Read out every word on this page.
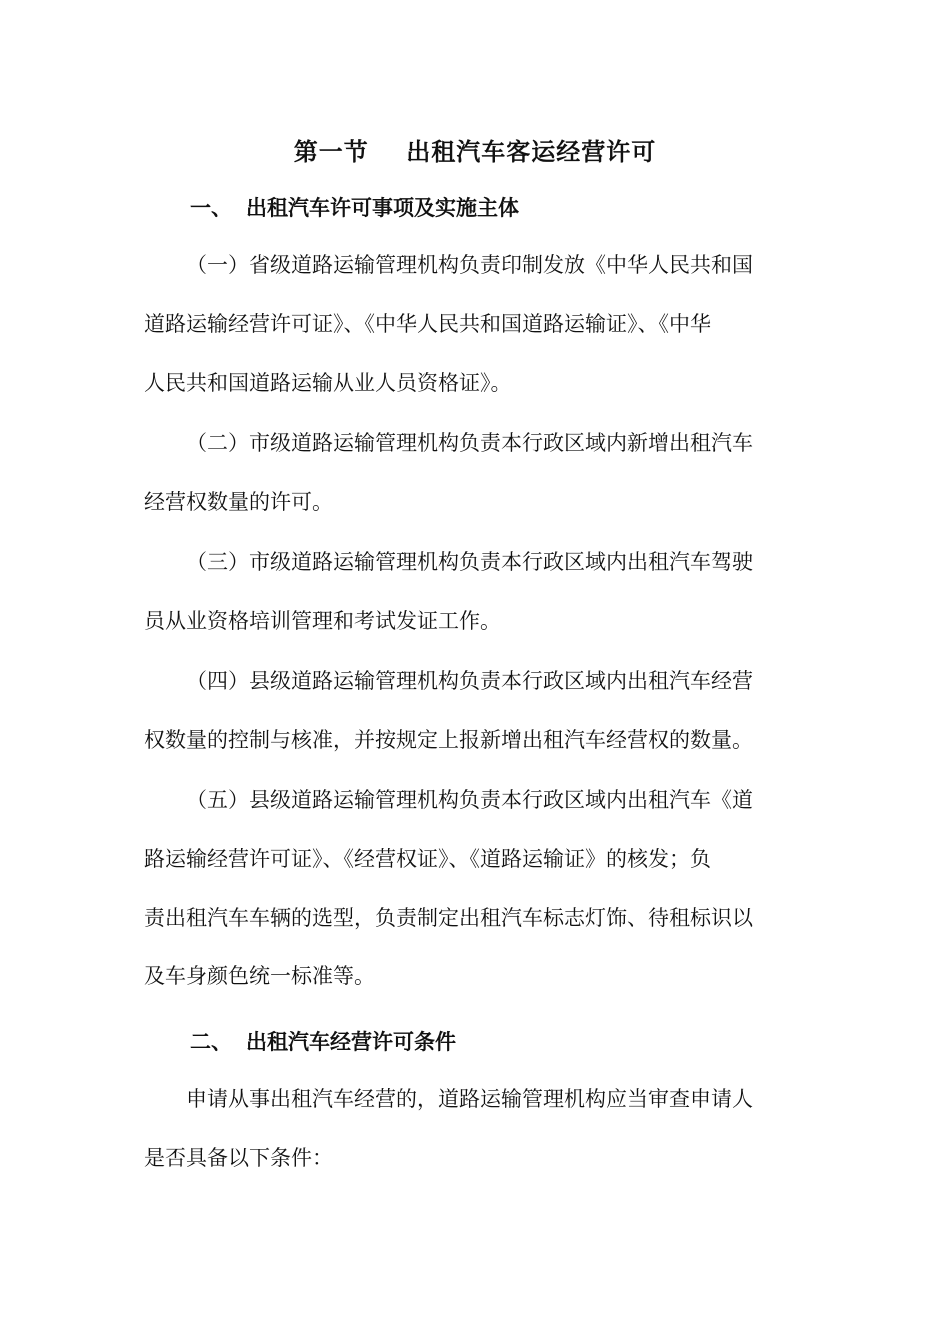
第一节    出租汽车客运经营许可
一、 出租汽车许可事项及实施主体
（一）省级道路运输管理机构负责印制发放《中华人民共和国
道路运输经营许可证》、《中华人民共和国道路运输证》、《中华
人民共和国道路运输从业人员资格证》。
（二）市级道路运输管理机构负责本行政区域内新增出租汽车
经营权数量的许可。
（三）市级道路运输管理机构负责本行政区域内出租汽车驾驶
员从业资格培训管理和考试发证工作。
（四）县级道路运输管理机构负责本行政区域内出租汽车经营
权数量的控制与核准，并按规定上报新增出租汽车经营权的数量。
（五）县级道路运输管理机构负责本行政区域内出租汽车《道
路运输经营许可证》、《经营权证》、《道路运输证》的核发；负
责出租汽车车辆的选型，负责制定出租汽车标志灯饰、待租标识以
及车身颜色统一标准等。
二、 出租汽车经营许可条件
申请从事出租汽车经营的，道路运输管理机构应当审查申请人
是否具备以下条件：
